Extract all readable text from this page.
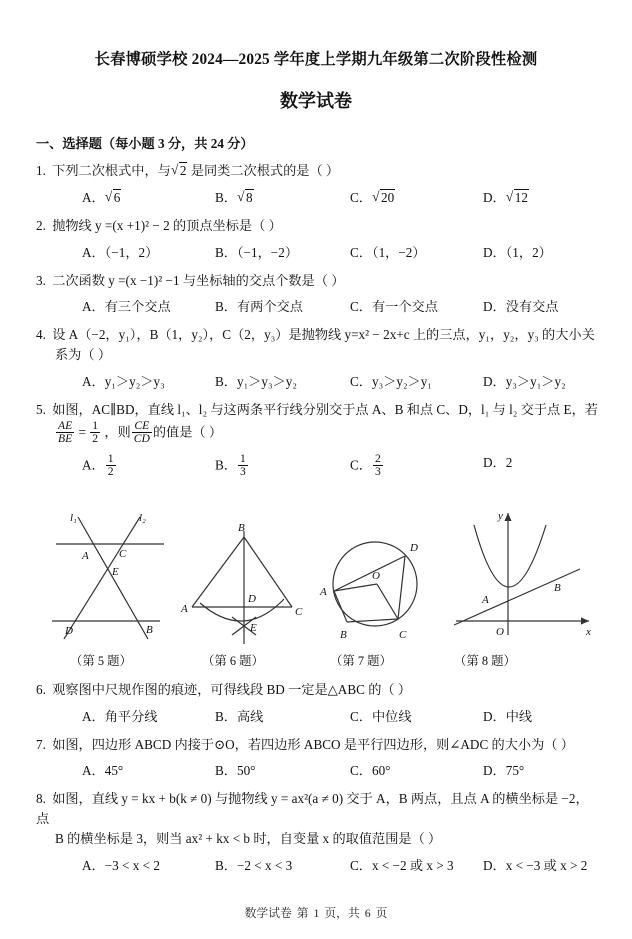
长春博硕学校 2024—2025 学年度上学期九年级第二次阶段性检测
数学试卷
一、选择题（每小题 3 分，共 24 分）
1. 下列二次根式中，与 √ 2 是同类二次根式的是（ ）
A． √ 6	B． √ 8	C． √ 20	D． √ 12
2. 抛物线 y =(x +1)² − 2 的顶点坐标是（ ）
A．（−1，2）	B．（−1，−2）	C．（1，−2）	D．（1，2）
3. 二次函数 y =(x −1)² −1 与坐标轴的交点个数是（ ）
A．有三个交点	B．有两个交点	C．有一个交点	D．没有交点
4. 设 A（−2，y₁），B（1，y₂），C（2，y₃）是抛物线 y=x² − 2x+c 上的三点，y₁，y₂，y₃ 的大小关
系为（ ）
A．y₁＞y₂＞y₃	B．y₁＞y₃＞y₂	C．y₃＞y₂＞y₁	D．y₃＞y₁＞y₂
5. 如图，AC∥BD，直线 l₁、l₂ 与这两条平行线分别交于点 A、B 和点 C、D，l₁ 与 l₂ 交于点 E，若
$\frac{AE}{BE} = \frac{1}{2}$ ，则 $\frac{CE}{CD}$ 的值是（ ）
A． $\frac{1}{2}$	B． $\frac{1}{3}$	C． $\frac{2}{3}$	D．2
l₁	l₂
A	C
E
D	B
B
A	C
D
E
A
B	C
D
O
y
x
O
A
B
（第 5 题）	（第 6 题）	（第 7 题）	（第 8 题）
6. 观察图中尺规作图的痕迹，可得线段 BD 一定是△ABC 的（ ）
A．角平分线	B．高线	C．中位线	D．中线
7. 如图，四边形 ABCD 内接于⊙O，若四边形 ABCO 是平行四边形，则∠ADC 的大小为（ ）
A．45°	B．50°	C．60°	D．75°
8. 如图，直线 y = kx + b(k ≠ 0) 与抛物线 y = ax²(a ≠ 0) 交于 A，B 两点，且点 A 的横坐标是 −2，点
B 的横坐标是 3，则当 ax² + kx < b 时，自变量 x 的取值范围是（ ）
A．−3 < x < 2	B．−2 < x < 3	C．x < −2 或 x > 3 D．x < −3 或 x > 2
数学试卷 第 1 页，共 6 页
